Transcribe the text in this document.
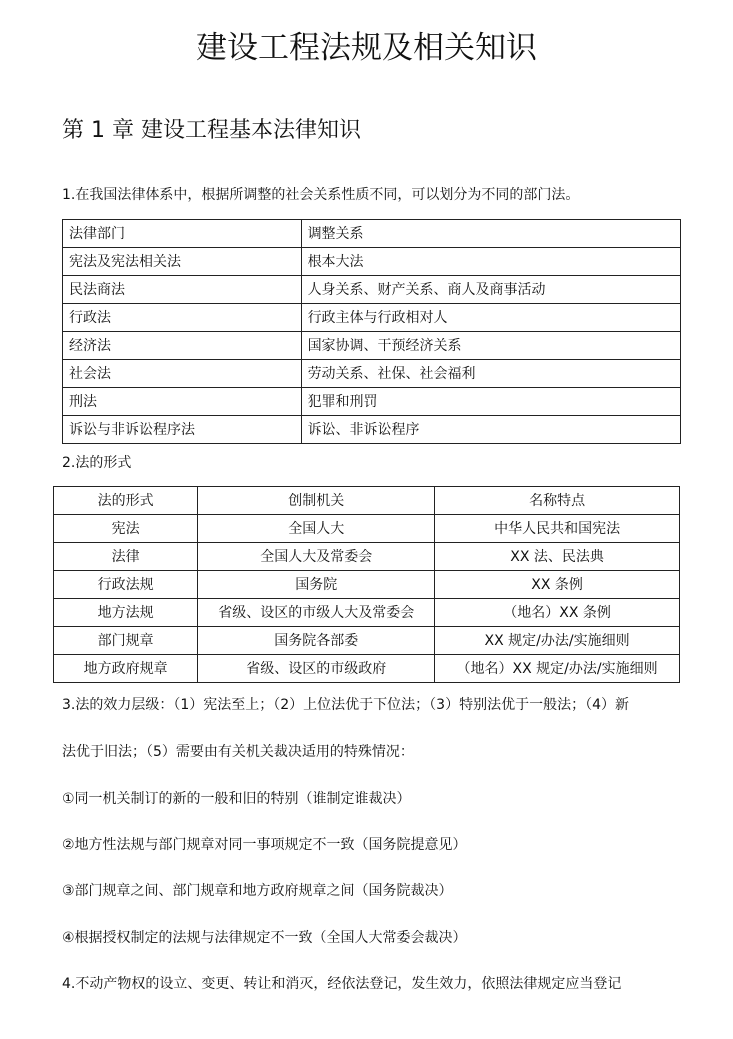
建设工程法规及相关知识
第 1 章 建设工程基本法律知识

1.在我国法律体系中，根据所调整的社会关系性质不同，可以划分为不同的部门法。

法律部门	调整关系
宪法及宪法相关法	根本大法
民法商法	人身关系、财产关系、商人及商事活动
行政法	行政主体与行政相对人
经济法	国家协调、干预经济关系
社会法	劳动关系、社保、社会福利
刑法	犯罪和刑罚
诉讼与非诉讼程序法	诉讼、非诉讼程序

2.法的形式

法的形式	创制机关	名称特点
宪法	全国人大	中华人民共和国宪法
法律	全国人大及常委会	XX 法、民法典
行政法规	国务院	XX 条例
地方法规	省级、设区的市级人大及常委会	（地名）XX 条例
部门规章	国务院各部委	XX 规定/办法/实施细则
地方政府规章	省级、设区的市级政府	（地名）XX 规定/办法/实施细则

3.法的效力层级：（1）宪法至上；（2）上位法优于下位法；（3）特别法优于一般法；（4）新

法优于旧法；（5）需要由有关机关裁决适用的特殊情况：

①同一机关制订的新的一般和旧的特别（谁制定谁裁决）

②地方性法规与部门规章对同一事项规定不一致（国务院提意见）

③部门规章之间、部门规章和地方政府规章之间（国务院裁决）

④根据授权制定的法规与法律规定不一致（全国人大常委会裁决）

4.不动产物权的设立、变更、转让和消灭，经依法登记，发生效力，依照法律规定应当登记
